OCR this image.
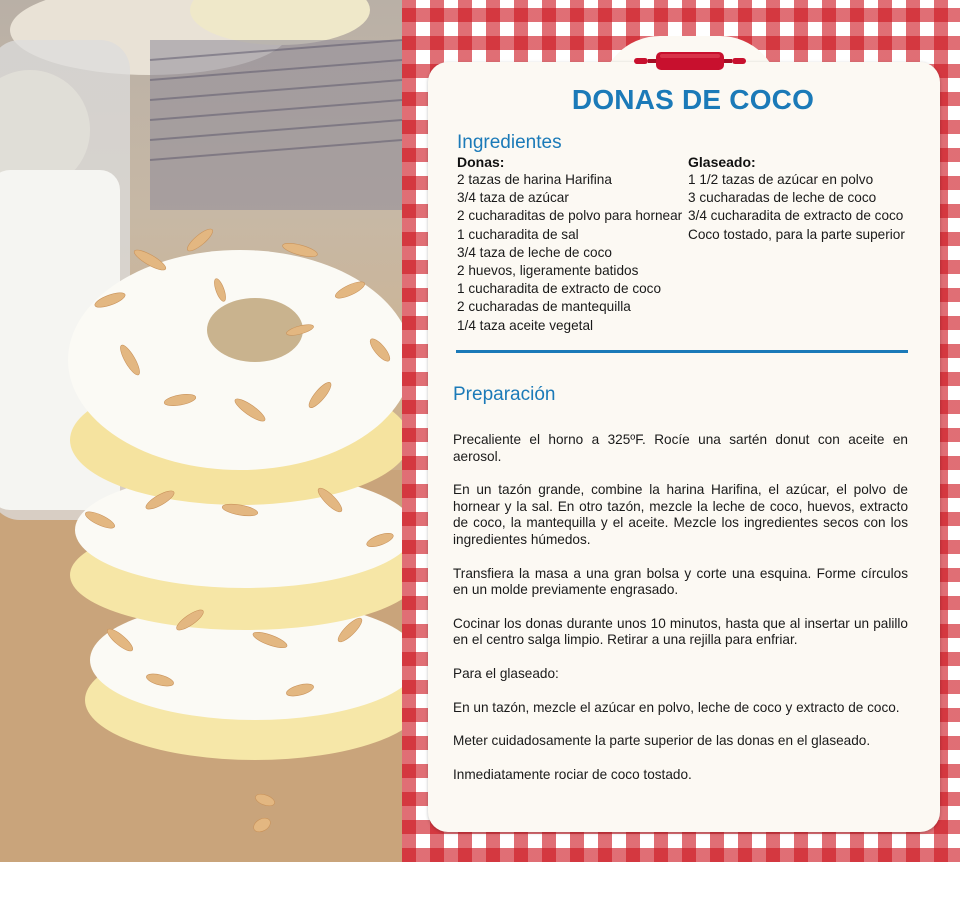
DONAS DE COCO
Ingredientes
Donas:
2 tazas de harina Harifina
3/4 taza de azúcar
2 cucharaditas de polvo para hornear
1 cucharadita de sal
3/4 taza de leche de coco
2 huevos, ligeramente batidos
1 cucharadita de extracto de coco
2 cucharadas de mantequilla
1/4 taza aceite vegetal
Glaseado:
1 1/2 tazas de azúcar en polvo
3 cucharadas de leche de coco
3/4 cucharadita de extracto de coco
Coco tostado, para la parte superior
Preparación

Precaliente el horno a 325ºF. Rocíe una sartén donut con aceite en aerosol.

En un tazón grande, combine la harina Harifina, el azúcar, el polvo de hornear y la sal. En otro tazón, mezcle la leche de coco, huevos, extracto de coco, la mantequilla y el aceite. Mezcle los ingredientes secos con los ingredientes húmedos.

Transfiera la masa a una gran bolsa y corte una esquina. Forme círculos en un molde previamente engrasado.

Cocinar los donas durante unos 10 minutos, hasta que al insertar un palillo en el centro salga limpio. Retirar a una rejilla para enfriar.

Para el glaseado:

En un tazón, mezcle el azúcar en polvo, leche de coco y extracto de coco.

Meter cuidadosamente la parte superior de las donas en el glaseado.

Inmediatamente rociar de coco tostado.
